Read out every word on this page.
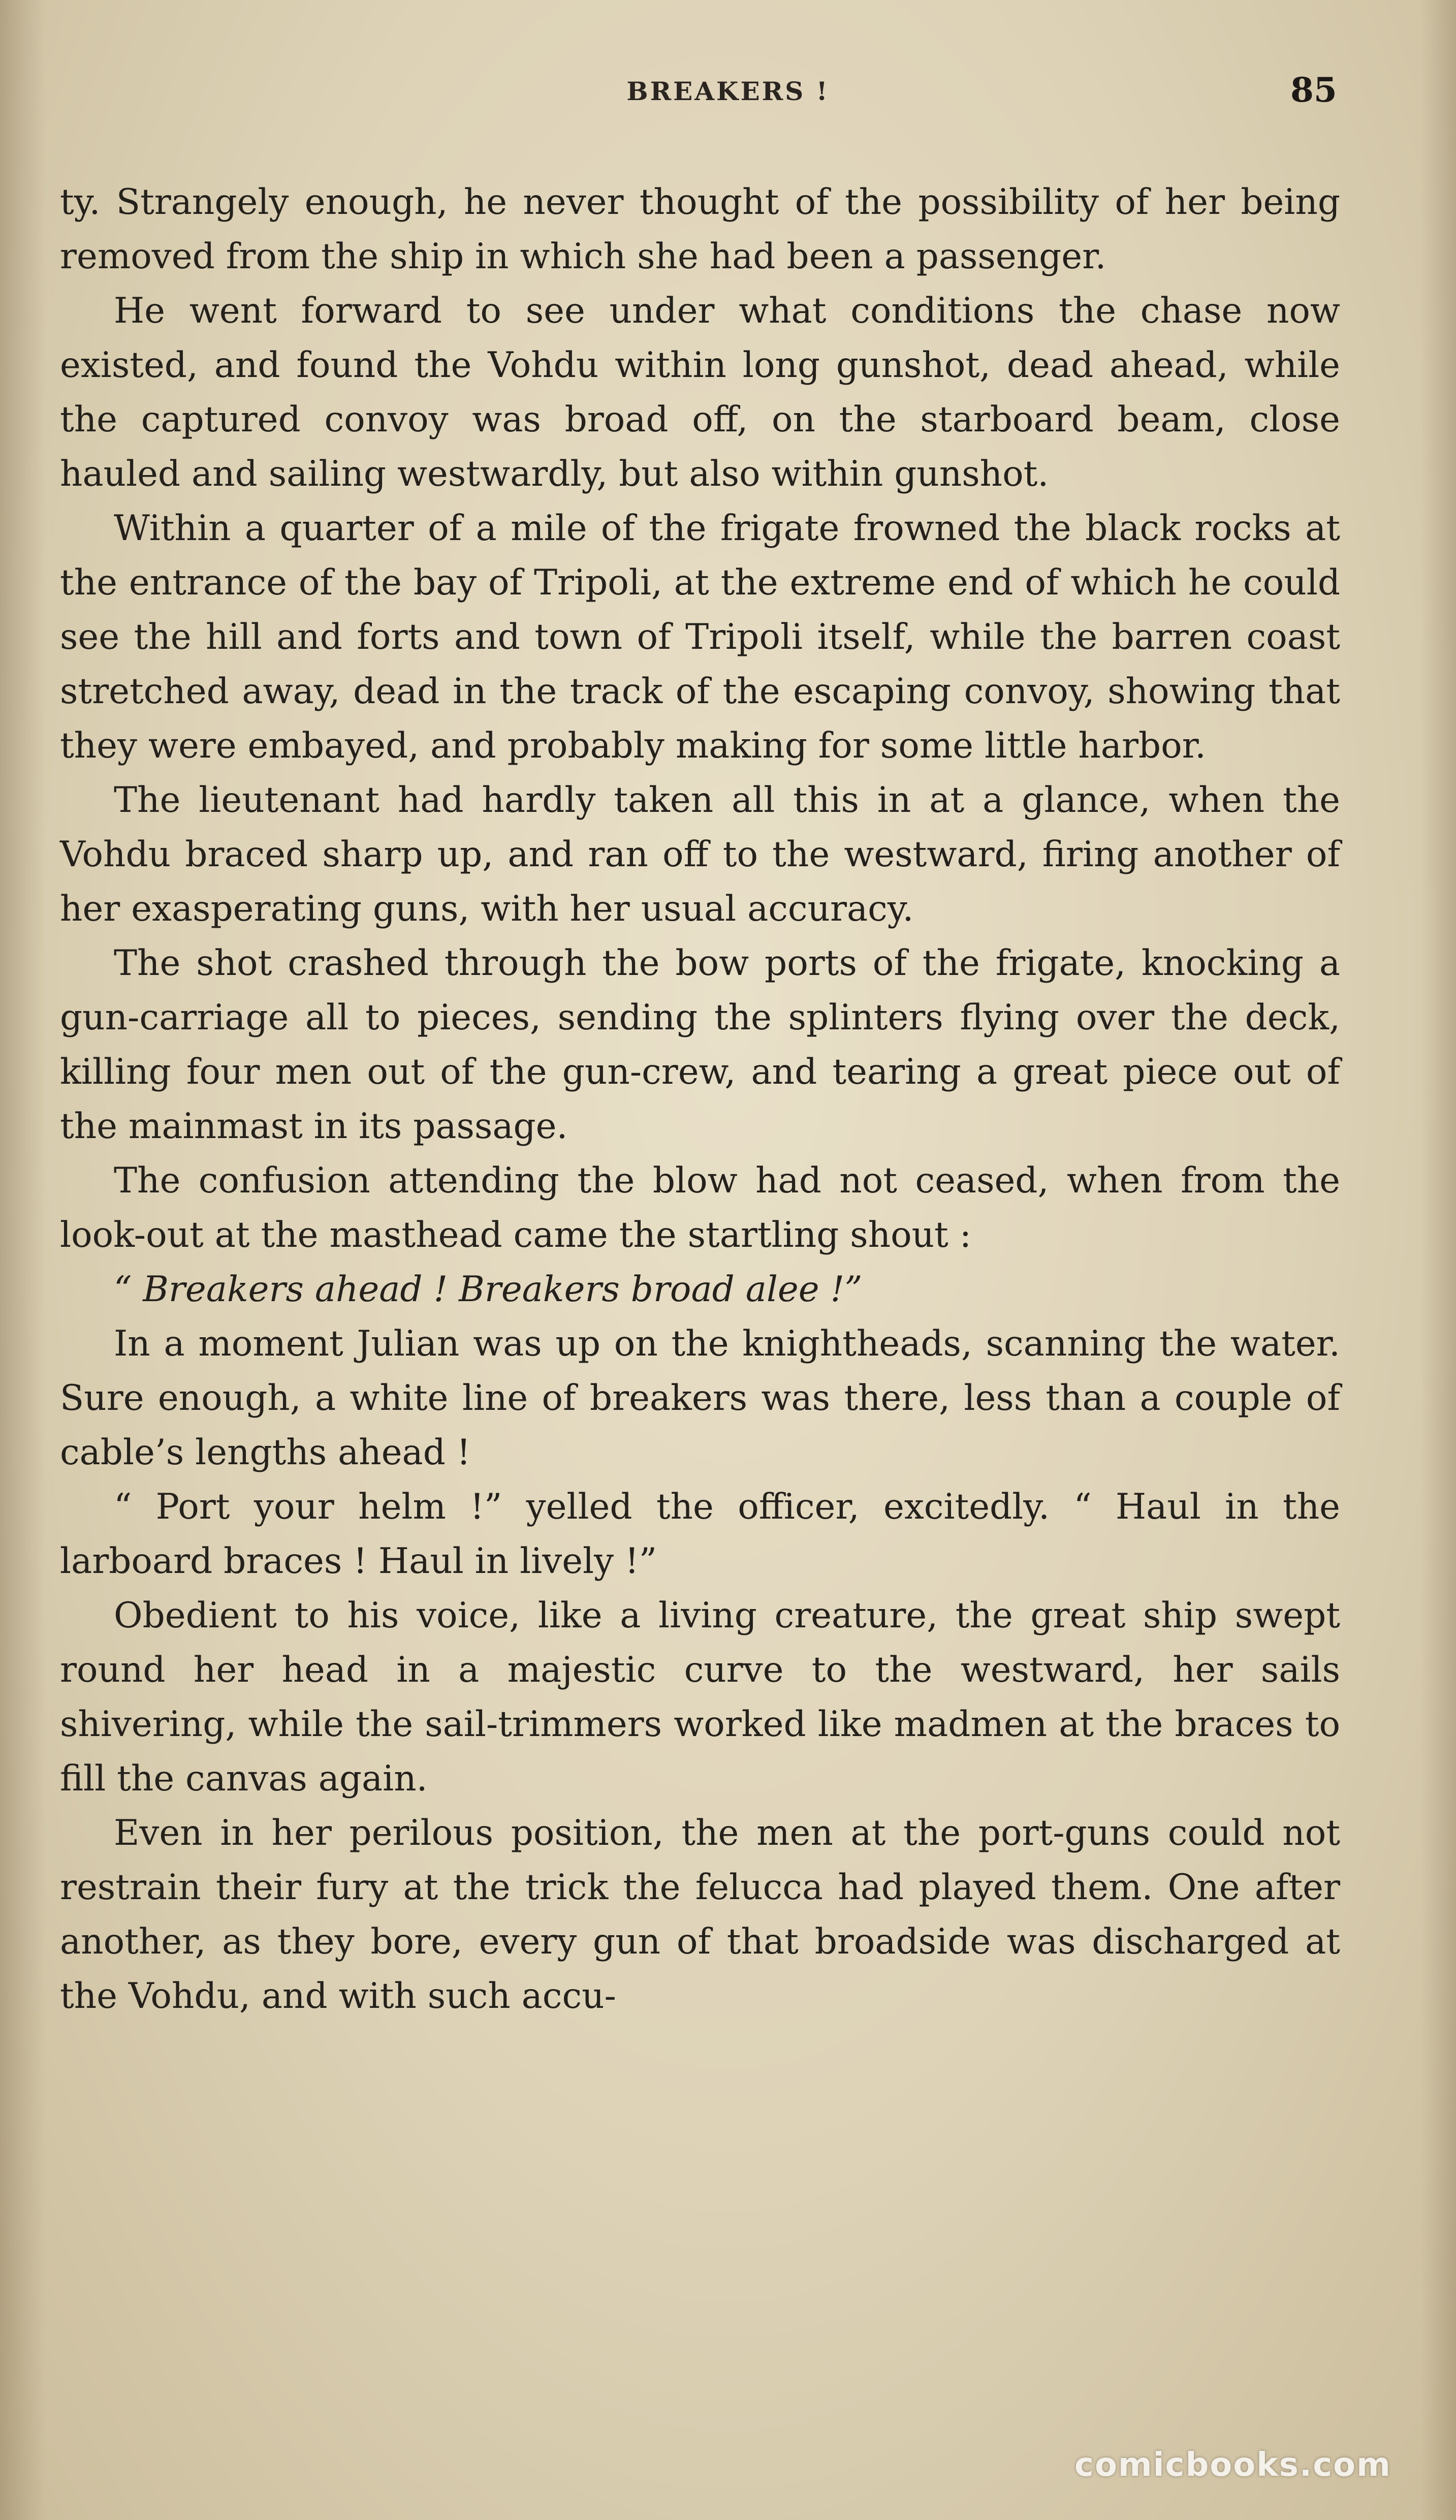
BREAKERS !	85

ty. Strangely enough, he never thought of the possibility of her being removed from the ship in which she had been a passenger.

He went forward to see under what conditions the chase now existed, and found the Vohdu within long gunshot, dead ahead, while the captured convoy was broad off, on the starboard beam, close hauled and sailing westwardly, but also within gunshot.

Within a quarter of a mile of the frigate frowned the black rocks at the entrance of the bay of Tripoli, at the extreme end of which he could see the hill and forts and town of Tripoli itself, while the barren coast stretched away, dead in the track of the escaping convoy, showing that they were embayed, and probably making for some little harbor.

The lieutenant had hardly taken all this in at a glance, when the Vohdu braced sharp up, and ran off to the westward, firing another of her exasperating guns, with her usual accuracy.

The shot crashed through the bow ports of the frigate, knocking a gun-carriage all to pieces, sending the splinters flying over the deck, killing four men out of the gun-crew, and tearing a great piece out of the mainmast in its passage.

The confusion attending the blow had not ceased, when from the look-out at the masthead came the startling shout :

“ Breakers ahead ! Breakers broad alee !”

In a moment Julian was up on the knightheads, scanning the water. Sure enough, a white line of breakers was there, less than a couple of cable’s lengths ahead !

“ Port your helm !” yelled the officer, excitedly. “ Haul in the larboard braces ! Haul in lively !”

Obedient to his voice, like a living creature, the great ship swept round her head in a majestic curve to the westward, her sails shivering, while the sail-trimmers worked like madmen at the braces to fill the canvas again.

Even in her perilous position, the men at the port-guns could not restrain their fury at the trick the felucca had played them. One after another, as they bore, every gun of that broadside was discharged at the Vohdu, and with such accu-

comicbooks.com
